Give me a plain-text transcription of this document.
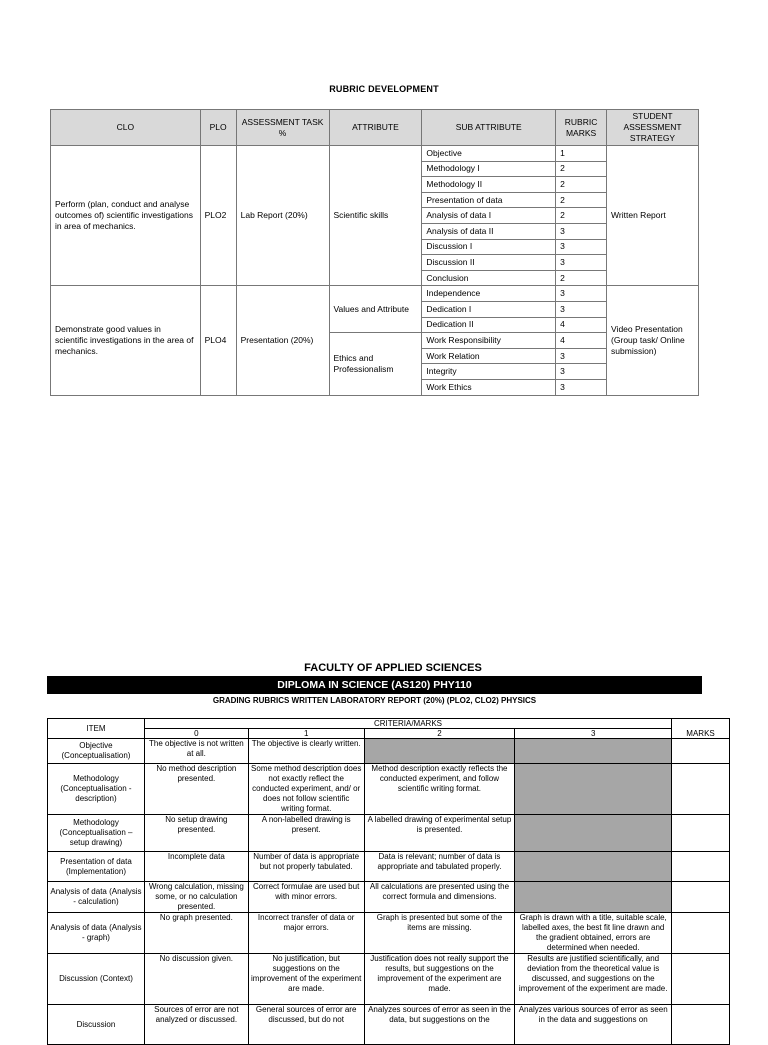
RUBRIC DEVELOPMENT
CLO	PLO	ASSESSMENT TASK %	ATTRIBUTE	SUB ATTRIBUTE	RUBRIC MARKS	STUDENT ASSESSMENT STRATEGY
Perform (plan, conduct and analyse outcomes of) scientific investigations in area of mechanics.	PLO2	Lab Report (20%)	Scientific skills	Objective	1	Written Report
				Methodology I	2	
				Methodology II	2	
				Presentation of data	2	
				Analysis of data I	2	
				Analysis of data II	3	
				Discussion I	3	
				Discussion II	3	
				Conclusion	2	
Demonstrate good values in scientific investigations in the area of mechanics.	PLO4	Presentation (20%)	Values and Attribute	Independence	3	Video Presentation (Group task/ Online submission)
				Dedication I	3	
				Dedication II	4	
			Ethics and Professionalism	Work Responsibility	4	
				Work Relation	3	
				Integrity	3	
				Work Ethics	3	
FACULTY OF APPLIED SCIENCES
DIPLOMA IN SCIENCE (AS120) PHY110
GRADING RUBRICS WRITTEN LABORATORY REPORT (20%) (PLO2, CLO2) PHYSICS
ITEM	CRITERIA/MARKS				MARKS
	0	1	2	3	
Objective (Conceptualisation)	The objective is not written at all.	The objective is clearly written.			
Methodology (Conceptualisation - description)	No method description presented.	Some method description does not exactly reflect the conducted experiment, and/ or does not follow scientific writing format.	Method description exactly reflects the conducted experiment, and follow scientific writing format.		
Methodology (Conceptualisation – setup drawing)	No setup drawing presented.	A non-labelled drawing is present.	A labelled drawing of experimental setup is presented.		
Presentation of data (Implementation)	Incomplete data	Number of data is appropriate but not properly tabulated.	Data is relevant; number of data is appropriate and tabulated properly.		
Analysis of data (Analysis - calculation)	Wrong calculation, missing some, or no calculation presented.	Correct formulae are used but with minor errors.	All calculations are presented using the correct formula and dimensions.		
Analysis of data (Analysis - graph)	No graph presented.	Incorrect transfer of data or major errors.	Graph is presented but some of the items are missing.	Graph is drawn with a title, suitable scale, labelled axes, the best fit line drawn and the gradient obtained, errors are determined when needed.	
Discussion (Context)	No discussion given.	No justification, but suggestions on the improvement of the experiment are made.	Justification does not really support the results, but suggestions on the improvement of the experiment are made.	Results are justified scientifically, and deviation from the theoretical value is discussed, and suggestions on the improvement of the experiment are made.	
Discussion	Sources of error are not analyzed or discussed.	General sources of error are discussed, but do not	Analyzes sources of error as seen in the data, but suggestions on the	Analyzes various sources of error as seen in the data and suggestions on	
